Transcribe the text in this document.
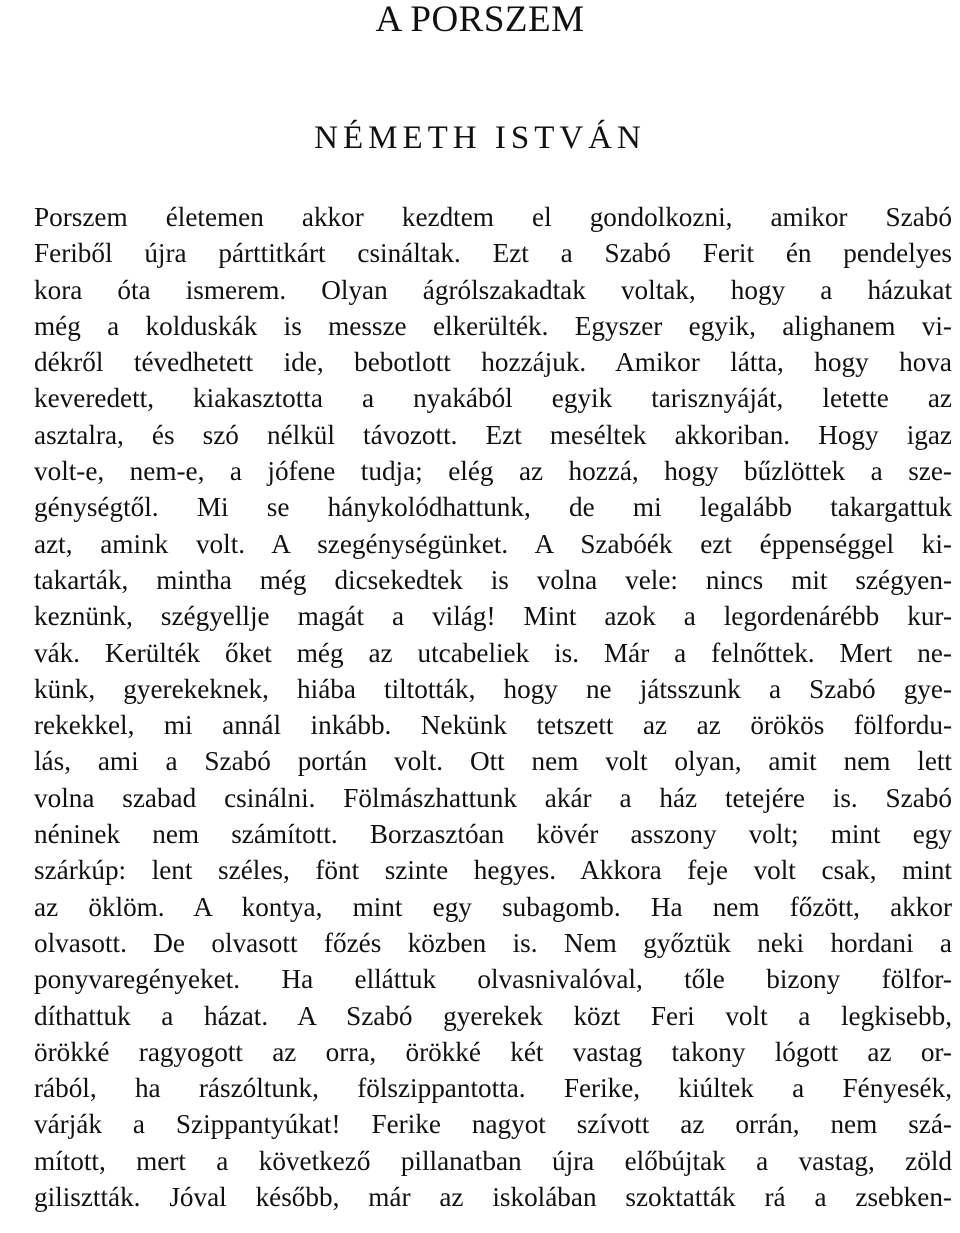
A PORSZEM
NÉMETH ISTVÁN
Porszem életemen akkor kezdtem el gondolkozni, amikor Szabó
Feriből újra párttitkárt csináltak. Ezt a Szabó Ferit én pendelyes
kora óta ismerem. Olyan ágrólszakadtak voltak, hogy a házukat
még a kolduskák is messze elkerülték. Egyszer egyik, alighanem vi-
dékről tévedhetett ide, bebotlott hozzájuk. Amikor látta, hogy hova
keveredett, kiakasztotta a nyakából egyik tarisznyáját, letette az
asztalra, és szó nélkül távozott. Ezt meséltek akkoriban. Hogy igaz
volt-e, nem-e, a jófene tudja; elég az hozzá, hogy bűzlöttek a sze-
génységtől. Mi se hánykolódhattunk, de mi legalább takargattuk
azt, amink volt. A szegénységünket. A Szabóék ezt éppenséggel ki-
takarták, mintha még dicsekedtek is volna vele: nincs mit szégyen-
keznünk, szégyellje magát a világ! Mint azok a legordenárébb kur-
vák. Kerülték őket még az utcabeliek is. Már a felnőttek. Mert ne-
künk, gyerekeknek, hiába tiltották, hogy ne játsszunk a Szabó gye-
rekekkel, mi annál inkább. Nekünk tetszett az az örökös fölfordu-
lás, ami a Szabó portán volt. Ott nem volt olyan, amit nem lett
volna szabad csinálni. Fölmászhattunk akár a ház tetejére is. Szabó
néninek nem számított. Borzasztóan kövér asszony volt; mint egy
szárkúp: lent széles, fönt szinte hegyes. Akkora feje volt csak, mint
az öklöm. A kontya, mint egy subagomb. Ha nem főzött, akkor
olvasott. De olvasott főzés közben is. Nem győztük neki hordani a
ponyvaregényeket. Ha elláttuk olvasnivalóval, tőle bizony fölfor-
díthattuk a házat. A Szabó gyerekek közt Feri volt a legkisebb,
örökké ragyogott az orra, örökké két vastag takony lógott az or-
rából, ha rászóltunk, fölszippantotta. Ferike, kiúltek a Fényesék,
várják a Szippantyúkat! Ferike nagyot szívott az orrán, nem szá-
mított, mert a következő pillanatban újra előbújtak a vastag, zöld
gilisztták. Jóval később, már az iskolában szoktatták rá a zsebken-
